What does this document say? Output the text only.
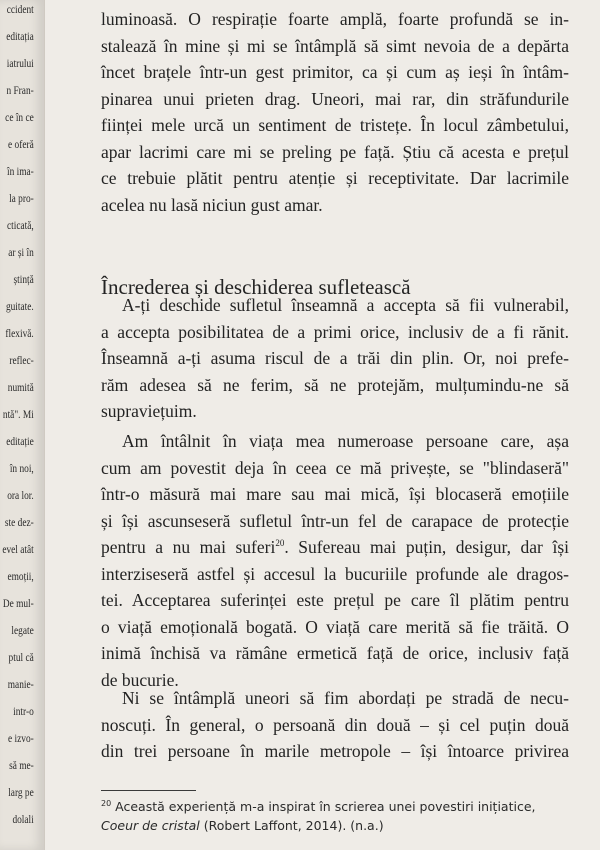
ccident
editația
iatrului
n Fran-
ce în ce
e oferă
în ima-
la pro-
cticată,
ar și în
ștință
guitate.
flexivă.
reflec-
numită
ntă". Mi
editație
în noi,
ora lor.
ste dez-
evel atât
emoții,
De mul-
legate
ptul că
manie-
intr-o
e izvo-
să me-
larg pe
dolali
luminoasă. O respirație foarte amplă, foarte profundă se in-
stalează în mine și mi se întâmplă să simt nevoia de a depărta
încet brațele într-un gest primitor, ca și cum aș ieși în întâm-
pinarea unui prieten drag. Uneori, mai rar, din străfundurile
ființei mele urcă un sentiment de tristețe. În locul zâmbetului,
apar lacrimi care mi se preling pe față. Știu că acesta e prețul
ce trebuie plătit pentru atenție și receptivitate. Dar lacrimile
acelea nu lasă niciun gust amar.
Încrederea și deschiderea sufletească
A-ți deschide sufletul înseamnă a accepta să fii vulnerabil,
a accepta posibilitatea de a primi orice, inclusiv de a fi rănit.
Înseamnă a-ți asuma riscul de a trăi din plin. Or, noi prefe-
răm adesea să ne ferim, să ne protejăm, mulțumindu-ne să
supraviețuim.
Am întâlnit în viața mea numeroase persoane care, așa
cum am povestit deja în ceea ce mă privește, se "blindaseră"
într-o măsură mai mare sau mai mică, își blocaseră emoțiile
și își ascunseseră sufletul într-un fel de carapace de protecție
pentru a nu mai suferi$^{20}$. Sufereau mai puțin, desigur, dar își
interziseseră astfel și accesul la bucuriile profunde ale dragos-
tei. Acceptarea suferinței este prețul pe care îl plătim pentru
o viață emoțională bogată. O viață care merită să fie trăită. O
inimă închisă va rămâne ermetică față de orice, inclusiv față
de bucurie.
Ni se întâmplă uneori să fim abordați pe stradă de necu-
noscuți. În general, o persoană din două – și cel puțin două
din trei persoane în marile metropole – își întoarce privirea
$^{20}$ Această experiență m-a inspirat în scrierea unei povestiri inițiatice, Coeur de cristal (Robert Laffont, 2014). (n.a.)
